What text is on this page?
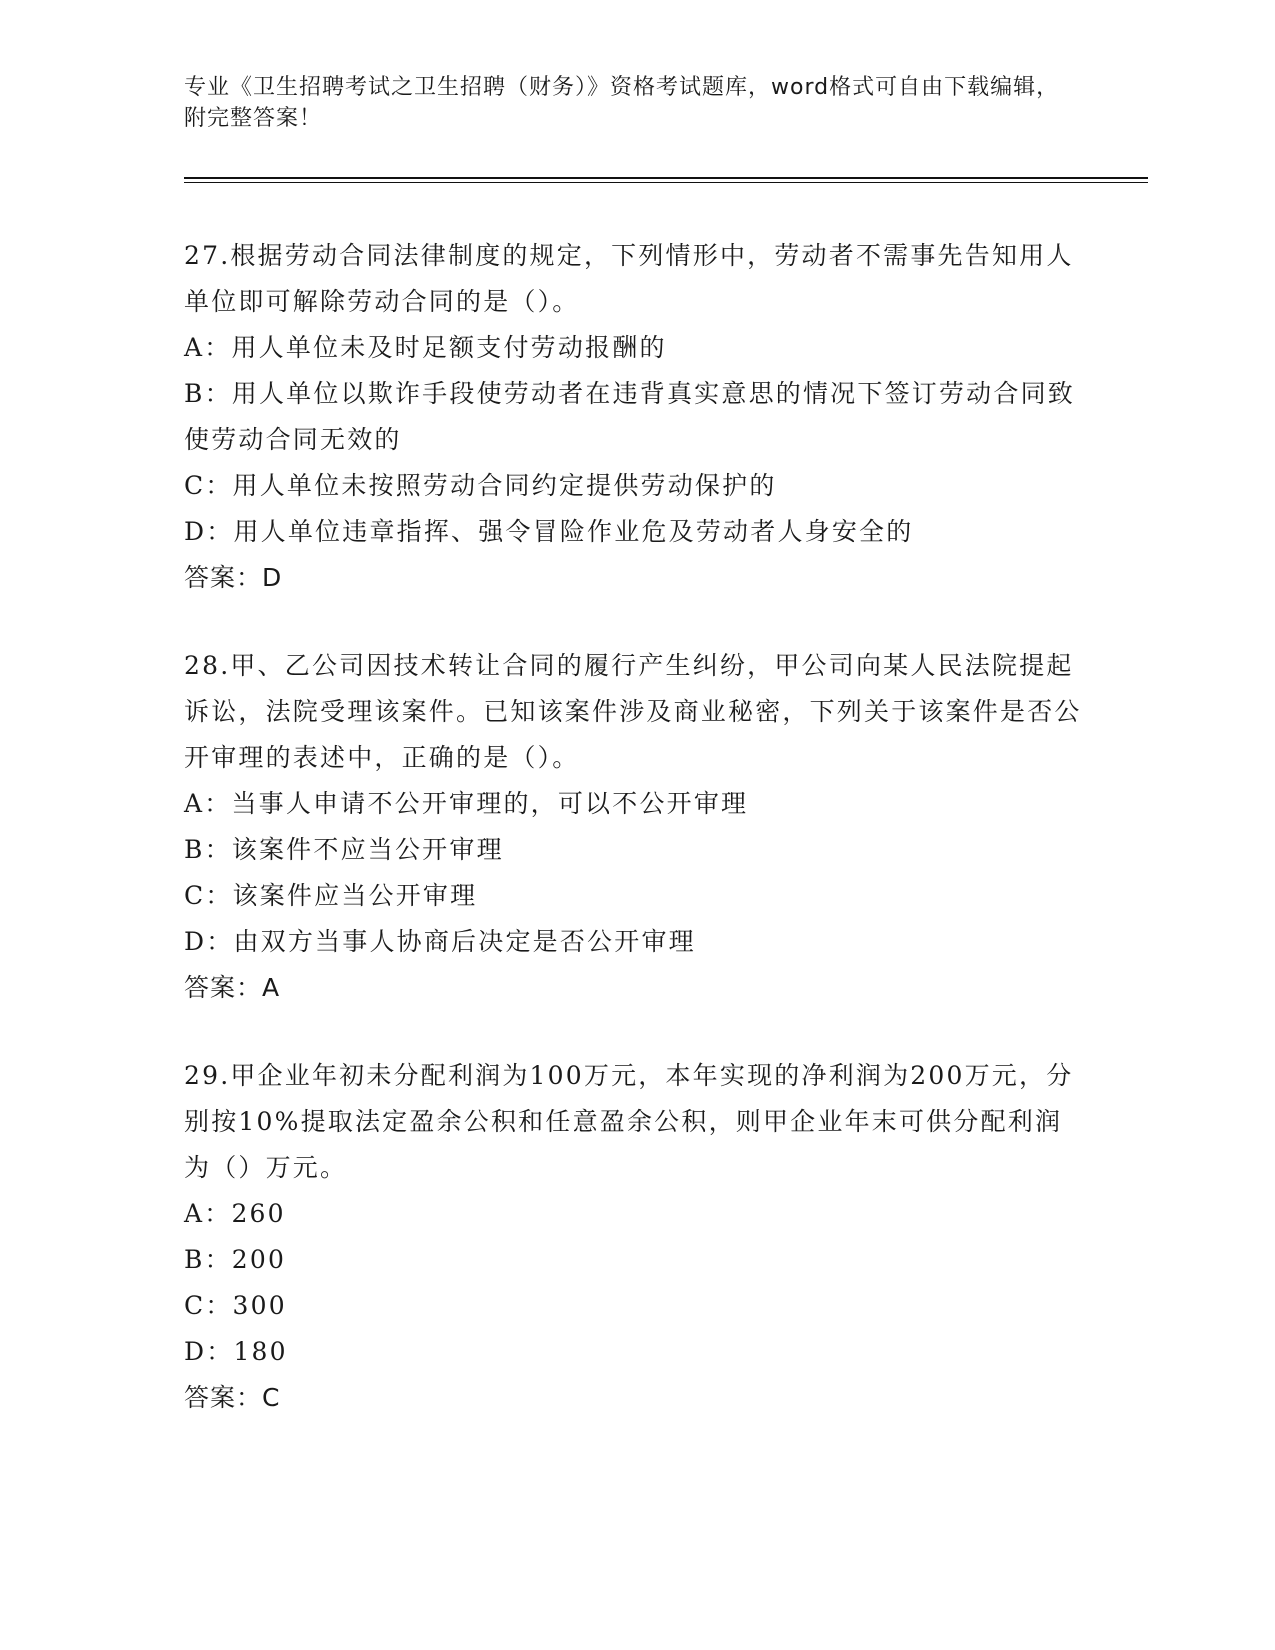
专业《卫生招聘考试之卫生招聘（财务）》资格考试题库，word格式可自由下载编辑，附完整答案！
27.根据劳动合同法律制度的规定，下列情形中，劳动者不需事先告知用人单位即可解除劳动合同的是（）。
A：用人单位未及时足额支付劳动报酬的
B：用人单位以欺诈手段使劳动者在违背真实意思的情况下签订劳动合同致使劳动合同无效的
C：用人单位未按照劳动合同约定提供劳动保护的
D：用人单位违章指挥、强令冒险作业危及劳动者人身安全的
答案：D
28.甲、乙公司因技术转让合同的履行产生纠纷，甲公司向某人民法院提起诉讼，法院受理该案件。已知该案件涉及商业秘密，下列关于该案件是否公开审理的表述中，正确的是（）。
A：当事人申请不公开审理的，可以不公开审理
B：该案件不应当公开审理
C：该案件应当公开审理
D：由双方当事人协商后决定是否公开审理
答案：A
29.甲企业年初未分配利润为100万元，本年实现的净利润为200万元，分别按10%提取法定盈余公积和任意盈余公积，则甲企业年末可供分配利润为（）万元。
A：260
B：200
C：300
D：180
答案：C
